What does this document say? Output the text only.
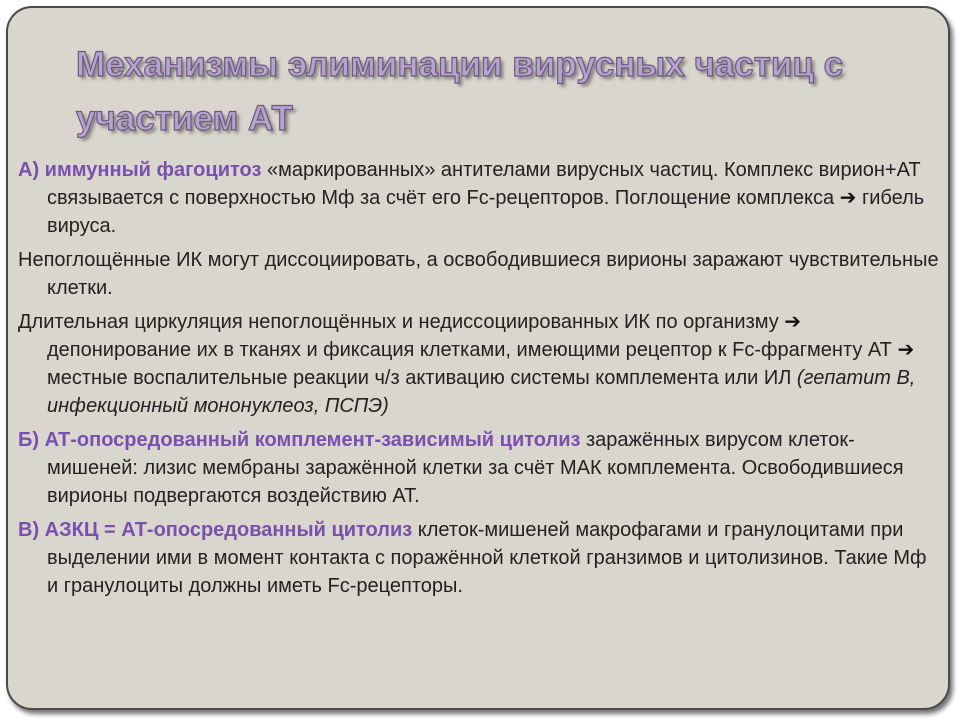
Механизмы элиминации вирусных частиц с участием АТ

А) иммунный фагоцитоз «маркированных» антителами вирусных частиц. Комплекс вирион+АТ связывается с поверхностью Мф за счёт его Fc-рецепторов. Поглощение комплекса ➔ гибель вируса.

Непоглощённые ИК могут диссоциировать, а освободившиеся вирионы заражают чувствительные клетки.

Длительная циркуляция непоглощённых и недиссоциированных ИК по организму ➔ депонирование их в тканях и фиксация клетками, имеющими рецептор к Fc-фрагменту АТ ➔ местные воспалительные реакции ч/з активацию системы комплемента или ИЛ (гепатит В, инфекционный мононуклеоз, ПСПЭ)

Б) АТ-опосредованный комплемент-зависимый цитолиз заражённых вирусом клеток-мишеней: лизис мембраны заражённой клетки за счёт МАК комплемента. Освободившиеся вирионы подвергаются воздействию АТ.

В) АЗКЦ = АТ-опосредованный цитолиз клеток-мишеней макрофагами и гранулоцитами при выделении ими в момент контакта с поражённой клеткой гранзимов и цитолизинов. Такие Мф и гранулоциты должны иметь Fc-рецепторы.
